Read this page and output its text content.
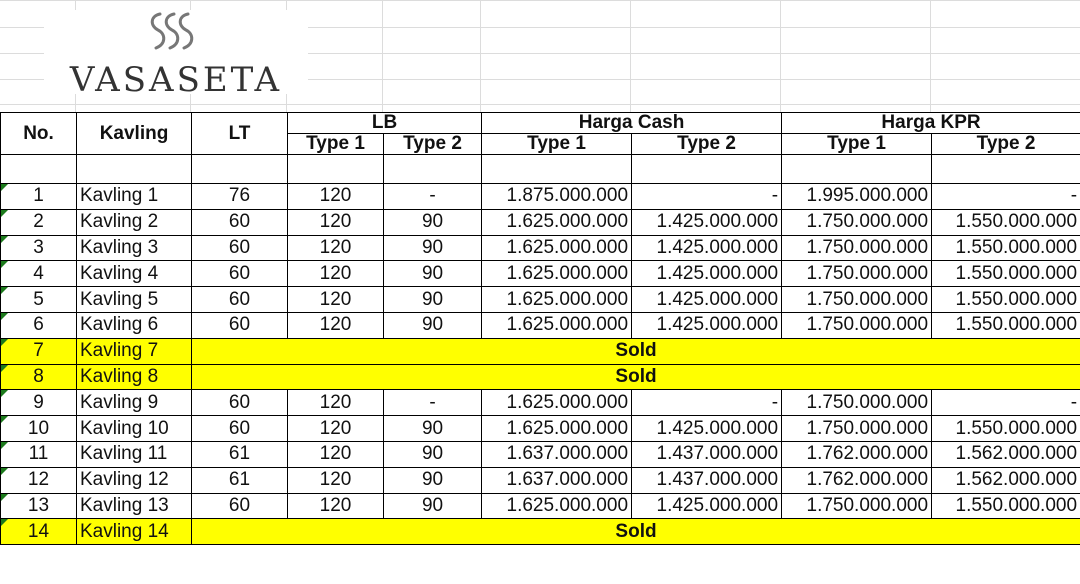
VASASETA
No.	Kavling	LT	LB		Harga Cash		Harga KPR	
			Type 1	Type 2	Type 1	Type 2	Type 1	Type 2

1	Kavling 1	76	120	-	1.875.000.000	-	1.995.000.000	-
2	Kavling 2	60	120	90	1.625.000.000	1.425.000.000	1.750.000.000	1.550.000.000
3	Kavling 3	60	120	90	1.625.000.000	1.425.000.000	1.750.000.000	1.550.000.000
4	Kavling 4	60	120	90	1.625.000.000	1.425.000.000	1.750.000.000	1.550.000.000
5	Kavling 5	60	120	90	1.625.000.000	1.425.000.000	1.750.000.000	1.550.000.000
6	Kavling 6	60	120	90	1.625.000.000	1.425.000.000	1.750.000.000	1.550.000.000
7	Kavling 7	Sold						
8	Kavling 8	Sold						
9	Kavling 9	60	120	-	1.625.000.000	-	1.750.000.000	-
10	Kavling 10	60	120	90	1.625.000.000	1.425.000.000	1.750.000.000	1.550.000.000
11	Kavling 11	61	120	90	1.637.000.000	1.437.000.000	1.762.000.000	1.562.000.000
12	Kavling 12	61	120	90	1.637.000.000	1.437.000.000	1.762.000.000	1.562.000.000
13	Kavling 13	60	120	90	1.625.000.000	1.425.000.000	1.750.000.000	1.550.000.000
14	Kavling 14	Sold						
